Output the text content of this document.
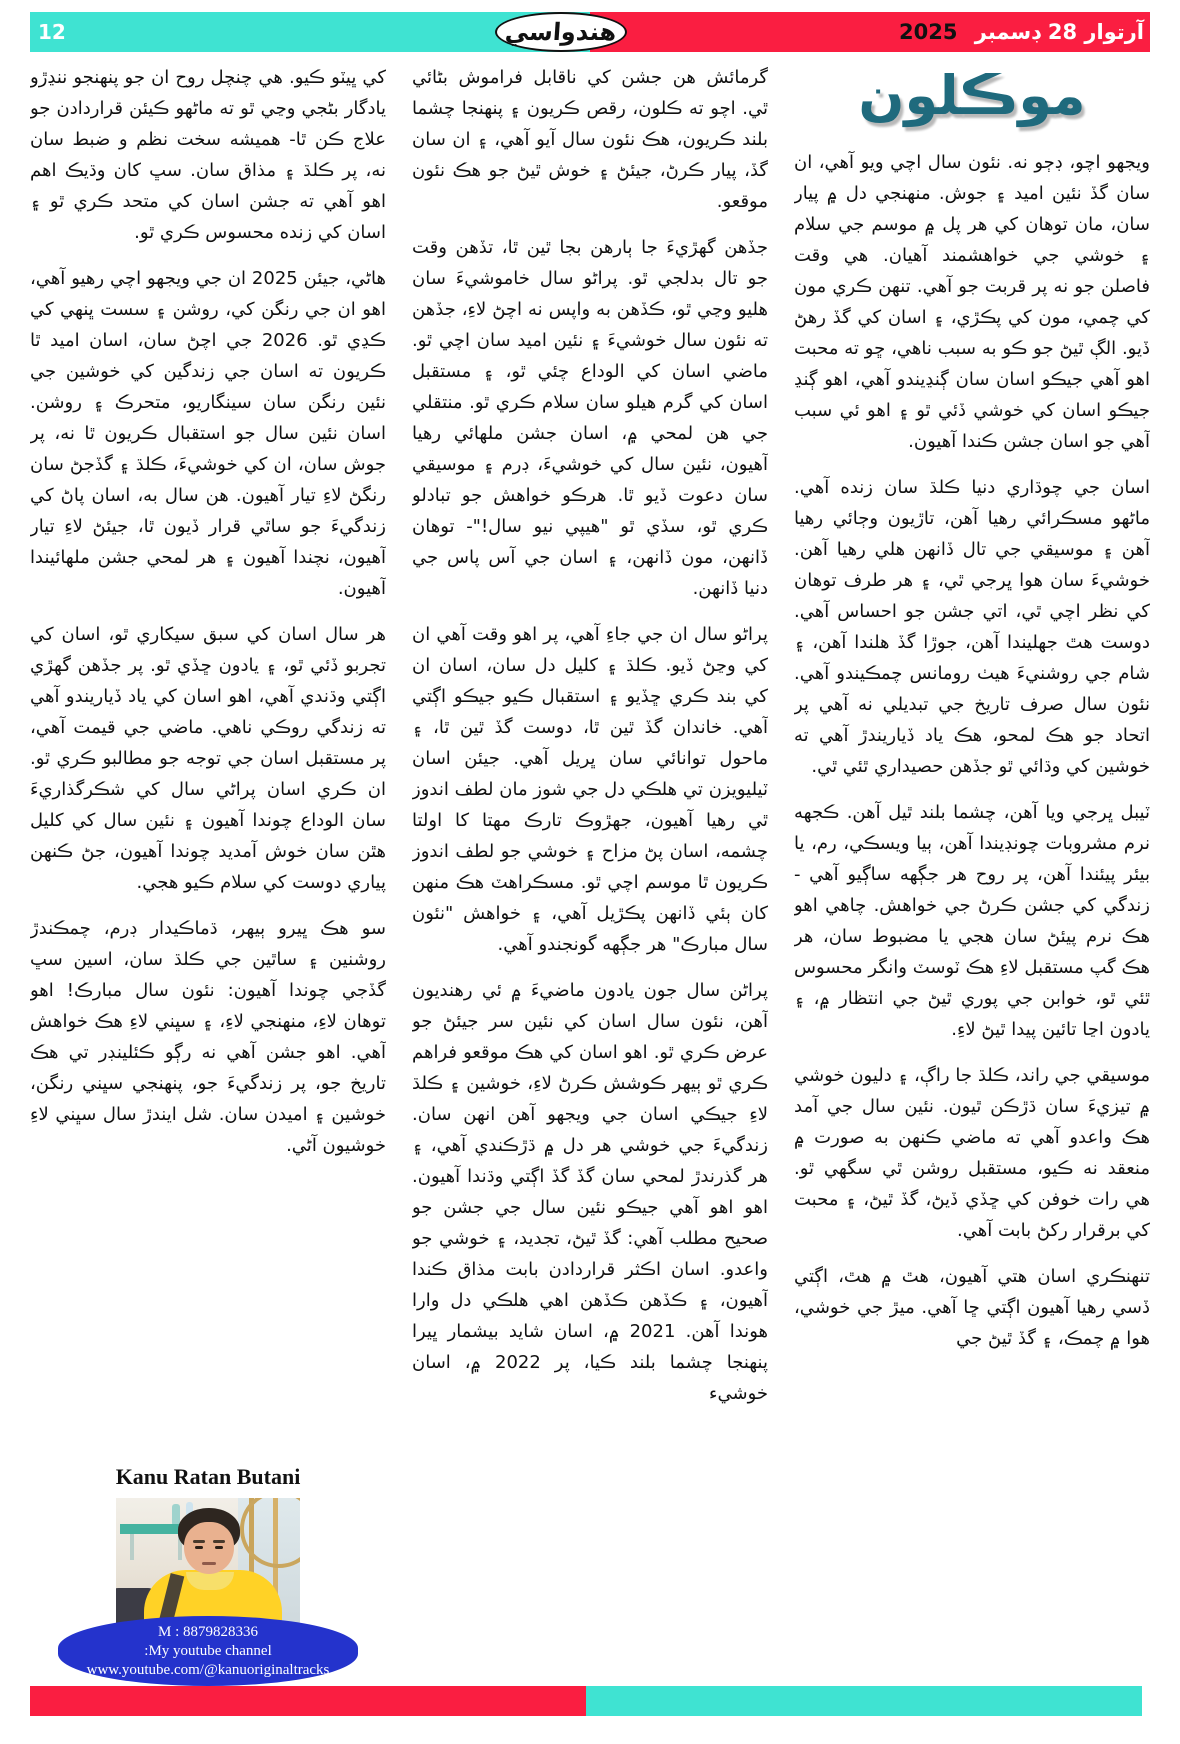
12	آرتوار 28 ڊسمبر 2025
هندواسي
موڪلون

ويجهو اچو، ڊڄو نه. نئون سال اچي ويو آهي، ان سان گڏ نئين اميد ۽ جوش. منهنجي دل ۾ پيار سان، مان توهان کي هر پل ۾ موسم جي سلام ۽ خوشي جي خواهشمند آهيان. هي وقت فاصلن جو نه پر قربت جو آهي. تنهن ڪري مون کي چمي، مون کي پڪڙي، ۽ اسان کي گڏ رهڻ ڏيو. الڳ ٿيڻ جو ڪو به سبب ناهي، ڇو ته محبت اهو آهي جيڪو اسان سان ڳنڍيندو آهي، اهو ڳنڍ جيڪو اسان کي خوشي ڏئي ٿو ۽ اهو ئي سبب آهي جو اسان جشن ڪندا آهيون.

اسان جي چوڌاري دنيا ڪلڌ سان زنده آهي. ماڻهو مسڪرائي رهيا آهن، تاڙيون وڄائي رهيا آهن ۽ موسيقي جي تال ڏانهن هلي رهيا آهن. خوشيءَ سان هوا ڀرجي ٿي، ۽ هر طرف توهان کي نظر اچي ٿي، اتي جشن جو احساس آهي. دوست هٿ جهليندا آهن، جوڙا گڏ هلندا آهن، ۽ شام جي روشنيءَ هيٺ رومانس چمڪيندو آهي. نئون سال صرف تاريخ جي تبديلي نه آهي پر اتحاد جو هڪ لمحو، هڪ ياد ڏياريندڙ آهي ته خوشين کي وڌائي ٿو جڏهن حصيداري ٿئي ٿي.

ٽيبل ڀرجي ويا آهن، چشما بلند ٿيل آهن. ڪجهه نرم مشروبات چونڊيندا آهن، ٻيا ويسڪي، رم، يا بيئر پيئندا آهن، پر روح هر جڳهه ساڳيو آهي - زندگي کي جشن ڪرڻ جي خواهش. چاهي اهو هڪ نرم پيئڻ سان هجي يا مضبوط سان، هر هڪ گپ مستقبل لاءِ هڪ ٽوسٽ وانگر محسوس ٿئي ٿو، خوابن جي پوري ٿيڻ جي انتظار ۾، ۽ يادون اڃا تائين پيدا ٿيڻ لاءِ.

موسيقي جي راند، ڪلڌ جا راڳ، ۽ دليون خوشي ۾ تيزيءَ سان ڌڙڪن ٿيون. نئين سال جي آمد هڪ واعدو آهي ته ماضي ڪنهن به صورت ۾ منعقد نه ڪيو، مستقبل روشن ٿي سگهي ٿو. هي رات خوفن کي ڇڏي ڏيڻ، گڏ ٿيڻ، ۽ محبت کي برقرار رکڻ بابت آهي.

تنهنڪري اسان هتي آهيون، هٿ ۾ هٿ، اڳتي ڏسي رهيا آهيون اڳتي ڇا آهي. ميڙ جي خوشي، هوا ۾ چمڪ، ۽ گڏ ٿيڻ جي

گرمائش هن جشن کي ناقابل فراموش بڻائي ٿي. اچو ته ڪلون، رقص ڪريون ۽ پنهنجا چشما بلند ڪريون، هڪ نئون سال آيو آهي، ۽ ان سان گڏ، پيار ڪرڻ، جيئڻ ۽ خوش ٿيڻ جو هڪ نئون موقعو.

جڏهن گهڙيءَ جا ٻارهن بجا ٿين ٿا، تڏهن وقت جو تال بدلجي ٿو. پراڻو سال خاموشيءَ سان هليو وڃي ٿو، ڪڏهن به واپس نه اچڻ لاءِ، جڏهن ته نئون سال خوشيءَ ۽ نئين اميد سان اچي ٿو. ماضي اسان کي الوداع چئي ٿو، ۽ مستقبل اسان کي گرم هيلو سان سلام ڪري ٿو. منتقلي جي هن لمحي ۾، اسان جشن ملهائي رهيا آهيون، نئين سال کي خوشيءَ، ڊرم ۽ موسيقي سان دعوت ڏيو ٿا. هرڪو خواهش جو تبادلو ڪري ٿو، سڏي ٿو "هيپي نيو سال!"- توهان ڏانهن، مون ڏانهن، ۽ اسان جي آس پاس جي دنيا ڏانهن.

پراڻو سال ان جي جاءِ آهي، پر اهو وقت آهي ان کي وڃڻ ڏيو. ڪلڌ ۽ کليل دل سان، اسان ان کي بند ڪري ڇڏيو ۽ استقبال ڪيو جيڪو اڳتي آهي. خاندان گڏ ٿين ٿا، دوست گڏ ٿين ٿا، ۽ ماحول توانائي سان ڀريل آهي. جيئن اسان ٽيليويزن تي هلڪي دل جي شوز مان لطف اندوز ٿي رهيا آهيون، جهڙوڪ تارڪ مهتا کا اولتا چشمه، اسان پڻ مزاح ۽ خوشي جو لطف اندوز ڪريون ٿا موسم اچي ٿو. مسڪراهٽ هڪ منهن کان ٻئي ڏانهن پڪڙيل آهي، ۽ خواهش "نئون سال مبارڪ" هر جڳهه گونجندو آهي.

پراڻن سال جون يادون ماضيءَ ۾ ئي رهنديون آهن، نئون سال اسان کي نئين سر جيئڻ جو عرض ڪري ٿو. اهو اسان کي هڪ موقعو فراهم ڪري ٿو ٻيهر ڪوشش ڪرڻ لاءِ، خوشين ۽ ڪلڌ لاءِ جيڪي اسان جي ويجهو آهن انهن سان. زندگيءَ جي خوشي هر دل ۾ ڌڙڪندي آهي، ۽ هر گذرندڙ لمحي سان گڏ گڏ اڳتي وڌندا آهيون. اهو اهو آهي جيڪو نئين سال جي جشن جو صحيح مطلب آهي: گڏ ٿيڻ، تجديد، ۽ خوشي جو واعدو. اسان اڪثر قراردادن بابت مذاق ڪندا آهيون، ۽ ڪڏهن ڪڏهن اهي هلڪي دل وارا هوندا آهن. 2021 ۾، اسان شايد بيشمار ڀيرا پنهنجا چشما بلند ڪيا، پر 2022 ۾، اسان خوشيء

کي ڀيٽو ڪيو. هي چنچل روح ان جو پنهنجو ننڍڙو يادگار بڻجي وڃي ٿو ته ماڻهو ڪيئن قراردادن جو علاج ڪن ٿا- هميشه سخت نظم و ضبط سان نه، پر ڪلڌ ۽ مذاق سان. سڀ کان وڌيڪ اهم اهو آهي ته جشن اسان کي متحد ڪري ٿو ۽ اسان کي زنده محسوس ڪري ٿو.

هاڻي، جيئن 2025 ان جي ويجهو اچي رهيو آهي، اهو ان جي رنگن کي، روشن ۽ سست ڀنهي کي ڪڍي ٿو. 2026 جي اچڻ سان، اسان اميد ٿا ڪريون ته اسان جي زندگين کي خوشين جي نئين رنگن سان سينگاريو، متحرڪ ۽ روشن. اسان نئين سال جو استقبال ڪريون ٿا نه، پر جوش سان، ان کي خوشيءَ، ڪلڌ ۽ گڏجڻ سان رنگڻ لاءِ تيار آهيون. هن سال به، اسان پاڻ کي زندگيءَ جو ساٿي قرار ڏيون ٿا، جيئڻ لاءِ تيار آهيون، نچندا آهيون ۽ هر لمحي جشن ملهائيندا آهيون.

هر سال اسان کي سبق سيکاري ٿو، اسان کي تجربو ڏئي ٿو، ۽ يادون ڇڏي ٿو. پر جڏهن گهڙي اڳتي وڌندي آهي، اهو اسان کي ياد ڏياريندو آهي ته زندگي روڪي ناهي. ماضي جي قيمت آهي، پر مستقبل اسان جي توجه جو مطالبو ڪري ٿو. ان ڪري اسان پراڻي سال کي شڪرگذاريءَ سان الوداع چوندا آهيون ۽ نئين سال کي کليل هٿن سان خوش آمديد چوندا آهيون، جڻ ڪنهن پياري دوست کي سلام ڪيو هجي.

سو هڪ ڀيرو ٻيهر، ڌماڪيدار ڊرم، چمڪندڙ روشنين ۽ ساٿين جي ڪلڌ سان، اسين سڀ گڏجي چوندا آهيون: نئون سال مبارڪ! اهو توهان لاءِ، منهنجي لاءِ، ۽ سڀني لاءِ هڪ خواهش آهي. اهو جشن آهي نه رڳو ڪئلينڊر تي هڪ تاريخ جو، پر زندگيءَ جو، پنهنجي سڀني رنگن، خوشين ۽ اميدن سان. شل ايندڙ سال سڀني لاءِ خوشيون آڻي.

Kanu Ratan Butani
M : 8879828336
My youtube channel:
www.youtube.com/@kanuoriginaltracks
